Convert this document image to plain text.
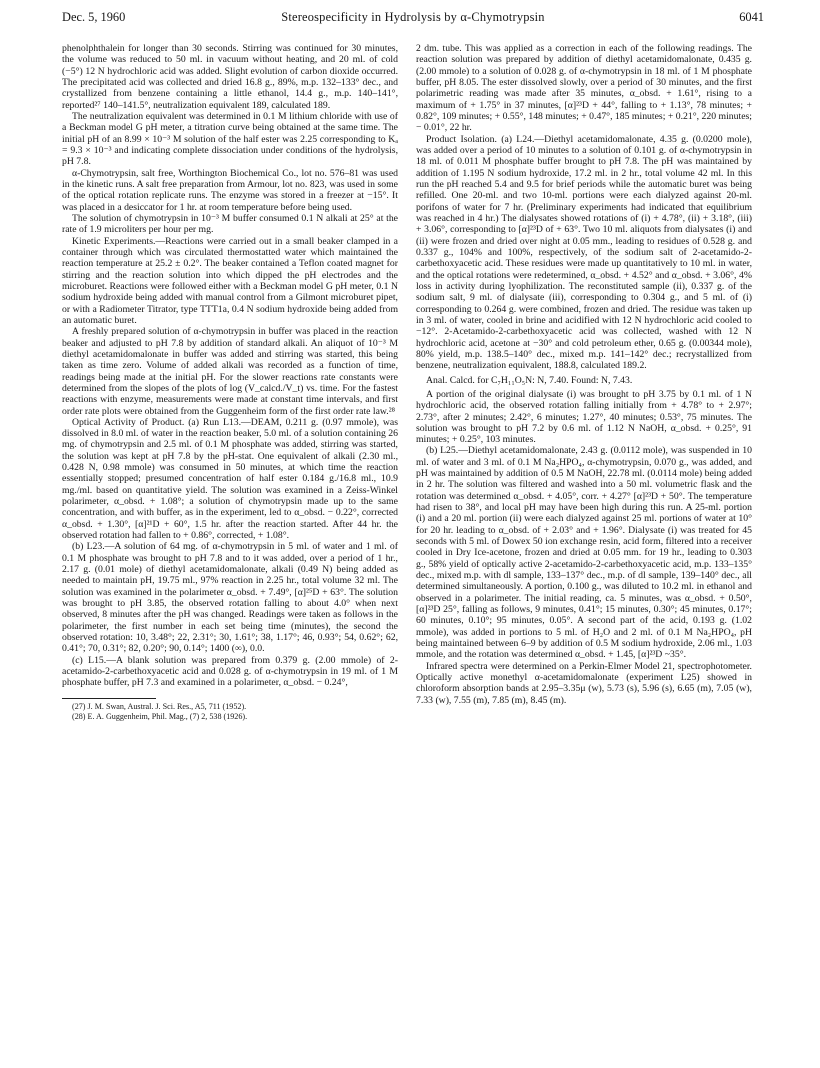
Dec. 5, 1960	Stereospecificity in Hydrolysis by α-Chymotrypsin	6041

phenolphthalein for longer than 30 seconds. Stirring was continued for 30 minutes, the volume was reduced to 50 ml. in vacuum without heating, and 20 ml. of cold (−5°) 12 N hydrochloric acid was added. Slight evolution of carbon dioxide occurred. The precipitated acid was collected and dried 16.8 g., 89%, m.p. 132–133° dec., and crystallized from benzene containing a little ethanol, 14.4 g., m.p. 140–141°, reported²⁷ 140–141.5°, neutralization equivalent 189, calculated 189.

The neutralization equivalent was determined in 0.1 M lithium chloride with use of a Beckman model G pH meter, a titration curve being obtained at the same time. The initial pH of an 8.99 × 10⁻³ M solution of the half ester was 2.25 corresponding to Kₐ = 9.3 × 10⁻³ and indicating complete dissociation under conditions of the hydrolysis, pH 7.8.

α-Chymotrypsin, salt free, Worthington Biochemical Co., lot no. 576–81 was used in the kinetic runs. A salt free preparation from Armour, lot no. 823, was used in some of the optical rotation replicate runs. The enzyme was stored in a freezer at −15°. It was placed in a desiccator for 1 hr. at room temperature before being used.

The solution of chymotrypsin in 10⁻³ M buffer consumed 0.1 N alkali at 25° at the rate of 1.9 microliters per hour per mg.

Kinetic Experiments.—Reactions were carried out in a small beaker clamped in a container through which was circulated thermostatted water which maintained the reaction temperature at 25.2 ± 0.2°. The beaker contained a Teflon coated magnet for stirring and the reaction solution into which dipped the pH electrodes and the microburet. Reactions were followed either with a Beckman model G pH meter, 0.1 N sodium hydroxide being added with manual control from a Gilmont microburet pipet, or with a Radiometer Titrator, type TTT1a, 0.4 N sodium hydroxide being added from an automatic buret.

A freshly prepared solution of α-chymotrypsin in buffer was placed in the reaction beaker and adjusted to pH 7.8 by addition of standard alkali. An aliquot of 10⁻³ M diethyl acetamidomalonate in buffer was added and stirring was started, this being taken as time zero. Volume of added alkali was recorded as a function of time, readings being made at the initial pH. For the slower reactions rate constants were determined from the slopes of the plots of log (V_calcd./V_t) vs. time. For the fastest reactions with enzyme, measurements were made at constant time intervals, and first order rate plots were obtained from the Guggenheim form of the first order rate law.²⁸

Optical Activity of Product. (a) Run L13.—DEAM, 0.211 g. (0.97 mmole), was dissolved in 8.0 ml. of water in the reaction beaker, 5.0 ml. of a solution containing 26 mg. of chymotrypsin and 2.5 ml. of 0.1 M phosphate was added, stirring was started, the solution was kept at pH 7.8 by the pH-stat. One equivalent of alkali (2.30 ml., 0.428 N, 0.98 mmole) was consumed in 50 minutes, at which time the reaction essentially stopped; presumed concentration of half ester 0.184 g./16.8 ml., 10.9 mg./ml. based on quantitative yield. The solution was examined in a Zeiss-Winkel polarimeter, α_obsd. + 1.08°; a solution of chymotrypsin made up to the same concentration, and with buffer, as in the experiment, led to α_obsd. − 0.22°, corrected α_obsd. + 1.30°, [α]²¹D + 60°, 1.5 hr. after the reaction started. After 44 hr. the observed rotation had fallen to + 0.86°, corrected, + 1.08°.

(b) L23.—A solution of 64 mg. of α-chymotrypsin in 5 ml. of water and 1 ml. of 0.1 M phosphate was brought to pH 7.8 and to it was added, over a period of 1 hr., 2.17 g. (0.01 mole) of diethyl acetamidomalonate, alkali (0.49 N) being added as needed to maintain pH, 19.75 ml., 97% reaction in 2.25 hr., total volume 32 ml. The solution was examined in the polarimeter α_obsd. + 7.49°, [α]²⁵D + 63°. The solution was brought to pH 3.85, the observed rotation falling to about 4.0° when next observed, 8 minutes after the pH was changed. Readings were taken as follows in the polarimeter, the first number in each set being time (minutes), the second the observed rotation: 10, 3.48°; 22, 2.31°; 30, 1.61°; 38, 1.17°; 46, 0.93°; 54, 0.62°; 62, 0.41°; 70, 0.31°; 82, 0.20°; 90, 0.14°; 1400 (∞), 0.0.

(c) L15.—A blank solution was prepared from 0.379 g. (2.00 mmole) of 2-acetamido-2-carbethoxyacetic acid and 0.028 g. of α-chymotrypsin in 19 ml. of 1 M phosphate buffer, pH 7.3 and examined in a polarimeter, α_obsd. − 0.24°,

(27) J. M. Swan, Austral. J. Sci. Res., A5, 711 (1952).

(28) E. A. Guggenheim, Phil. Mag., (7) 2, 538 (1926).

2 dm. tube. This was applied as a correction in each of the following readings. The reaction solution was prepared by addition of diethyl acetamidomalonate, 0.435 g. (2.00 mmole) to a solution of 0.028 g. of α-chymotrypsin in 18 ml. of 1 M phosphate buffer, pH 8.05. The ester dissolved slowly, over a period of 30 minutes, and the first polarimetric reading was made after 35 minutes, α_obsd. + 1.61°, rising to a maximum of + 1.75° in 37 minutes, [α]²³D + 44°, falling to + 1.13°, 78 minutes; + 0.82°, 109 minutes; + 0.55°, 148 minutes; + 0.47°, 185 minutes; + 0.21°, 220 minutes; − 0.01°, 22 hr.

Product Isolation. (a) L24.—Diethyl acetamidomalonate, 4.35 g. (0.0200 mole), was added over a period of 10 minutes to a solution of 0.101 g. of α-chymotrypsin in 18 ml. of 0.011 M phosphate buffer brought to pH 7.8. The pH was maintained by addition of 1.195 N sodium hydroxide, 17.2 ml. in 2 hr., total volume 42 ml. In this run the pH reached 5.4 and 9.5 for brief periods while the automatic buret was being refilled. One 20-ml. and two 10-ml. portions were each dialyzed against 20-ml. porifons of water for 7 hr. (Preliminary experiments had indicated that equilibrium was reached in 4 hr.) The dialysates showed rotations of (i) + 4.78°, (ii) + 3.18°, (iii) + 3.06°, corresponding to [α]²³D of + 63°. Two 10 ml. aliquots from dialysates (i) and (ii) were frozen and dried over night at 0.05 mm., leading to residues of 0.528 g. and 0.337 g., 104% and 100%, respectively, of the sodium salt of 2-acetamido-2-carbethoxyacetic acid. These residues were made up quantitatively to 10 ml. in water, and the optical rotations were redetermined, α_obsd. + 4.52° and α_obsd. + 3.06°, 4% loss in activity during lyophilization. The reconstituted sample (ii), 0.337 g. of the sodium salt, 9 ml. of dialysate (iii), corresponding to 0.304 g., and 5 ml. of (i) corresponding to 0.264 g. were combined, frozen and dried. The residue was taken up in 3 ml. of water, cooled in brine and acidified with 12 N hydrochloric acid cooled to −12°. 2-Acetamido-2-carbethoxyacetic acid was collected, washed with 12 N hydrochloric acid, acetone at −30° and cold petroleum ether, 0.65 g. (0.00344 mole), 80% yield, m.p. 138.5–140° dec., mixed m.p. 141–142° dec.; recrystallized from benzene, neutralization equivalent, 188.8, calculated 189.2.

Anal. Calcd. for C₇H₁₁O₅N: N, 7.40. Found: N, 7.43.

A portion of the original dialysate (i) was brought to pH 3.75 by 0.1 ml. of 1 N hydrochloric acid, the observed rotation falling initially from + 4.78° to + 2.97°; 2.73°, after 2 minutes; 2.42°, 6 minutes; 1.27°, 40 minutes; 0.53°, 75 minutes. The solution was brought to pH 7.2 by 0.6 ml. of 1.12 N NaOH, α_obsd. + 0.25°, 91 minutes; + 0.25°, 103 minutes.

(b) L25.—Diethyl acetamidomalonate, 2.43 g. (0.0112 mole), was suspended in 10 ml. of water and 3 ml. of 0.1 M Na₂HPO₄, α-chymotrypsin, 0.070 g., was added, and pH was maintained by addition of 0.5 M NaOH, 22.78 ml. (0.0114 mole) being added in 2 hr. The solution was filtered and washed into a 50 ml. volumetric flask and the rotation was determined α_obsd. + 4.05°, corr. + 4.27° [α]²³D + 50°. The temperature had risen to 38°, and local pH may have been high during this run. A 25-ml. portion (i) and a 20 ml. portion (ii) were each dialyzed against 25 ml. portions of water at 10° for 20 hr. leading to α_obsd. of + 2.03° and + 1.96°. Dialysate (i) was treated for 45 seconds with 5 ml. of Dowex 50 ion exchange resin, acid form, filtered into a receiver cooled in Dry Ice-acetone, frozen and dried at 0.05 mm. for 19 hr., leading to 0.303 g., 58% yield of optically active 2-acetamido-2-carbethoxyacetic acid, m.p. 133–135° dec., mixed m.p. with dl sample, 133–137° dec., m.p. of dl sample, 139–140° dec., all determined simultaneously. A portion, 0.100 g., was diluted to 10.2 ml. in ethanol and observed in a polarimeter. The initial reading, ca. 5 minutes, was α_obsd. + 0.50°, [α]²³D 25°, falling as follows, 9 minutes, 0.41°; 15 minutes, 0.30°; 45 minutes, 0.17°; 60 minutes, 0.10°; 95 minutes, 0.05°. A second part of the acid, 0.193 g. (1.02 mmole), was added in portions to 5 ml. of H₂O and 2 ml. of 0.1 M Na₂HPO₄, pH being maintained between 6–9 by addition of 0.5 M sodium hydroxide, 2.06 ml., 1.03 mmole, and the rotation was determined α_obsd. + 1.45, [α]²³D ~35°.

Infrared spectra were determined on a Perkin-Elmer Model 21, spectrophotometer. Optically active monethyl α-acetamidomalonate (experiment L25) showed in chloroform absorption bands at 2.95–3.35μ (w), 5.73 (s), 5.96 (s), 6.65 (m), 7.05 (w), 7.33 (w), 7.55 (m), 7.85 (m), 8.45 (m).
